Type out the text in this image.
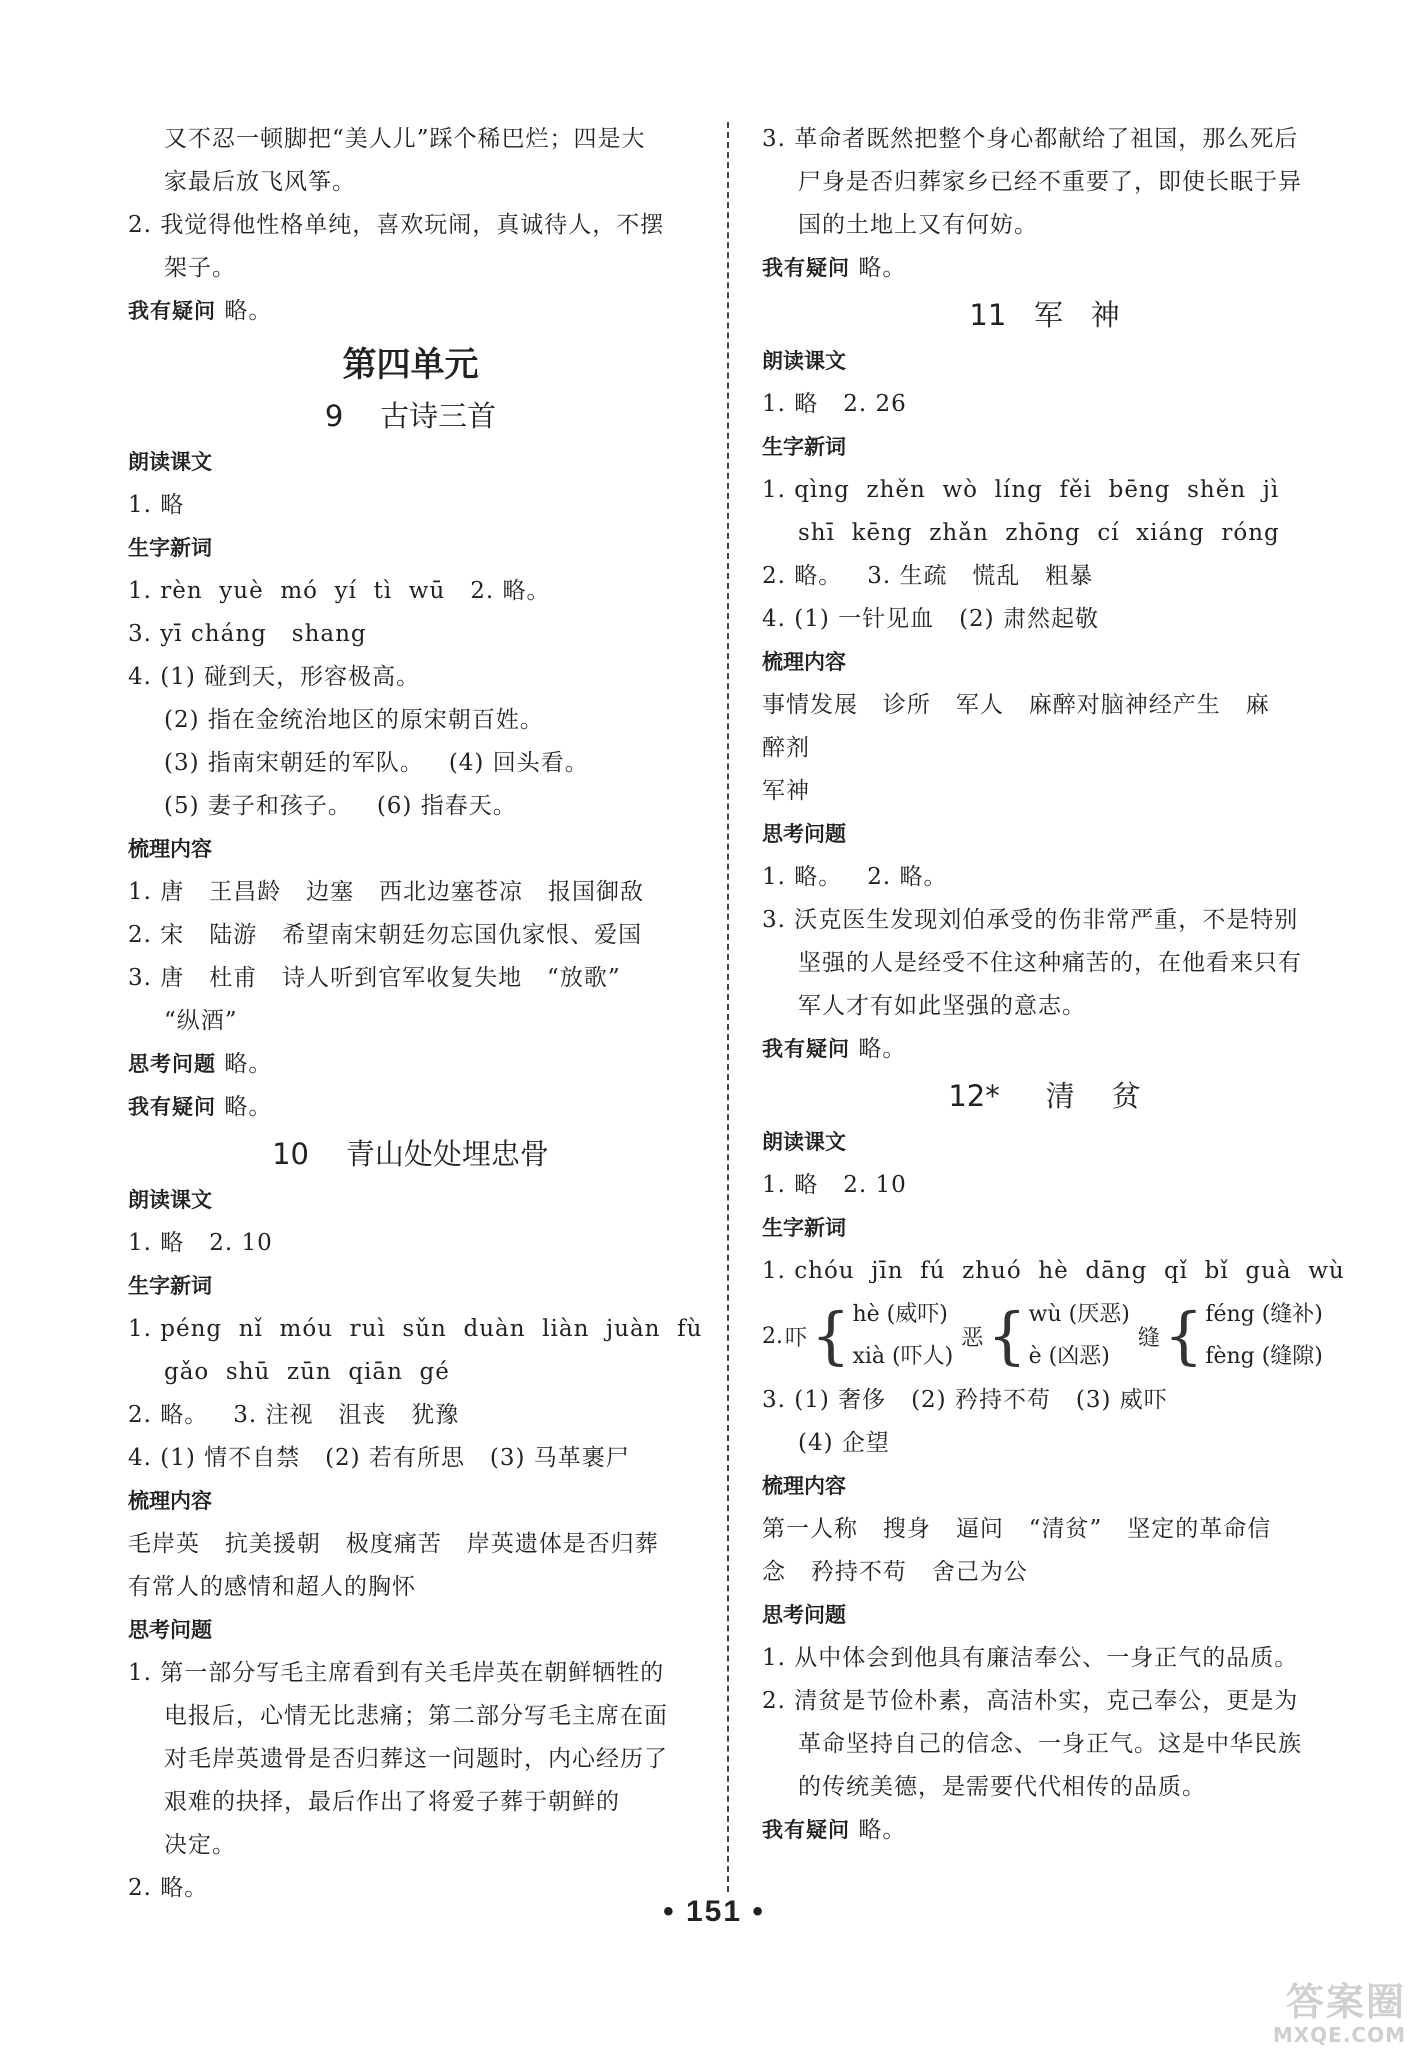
又不忍一顿脚把“美人儿”踩个稀巴烂；四是大
家最后放飞风筝。
2. 我觉得他性格单纯，喜欢玩闹，真诚待人，不摆
架子。
我有疑问 略。
第四单元
9    古诗三首
朗读课文
1. 略
生字新词
1. rèn  yuè  mó  yí  tì  wū   2. 略。
3. yī cháng   shang
4. (1) 碰到天，形容极高。
(2) 指在金统治地区的原宋朝百姓。
(3) 指南宋朝廷的军队。   (4) 回头看。
(5) 妻子和孩子。   (6) 指春天。
梳理内容
1. 唐   王昌龄   边塞   西北边塞苍凉   报国御敌
2. 宋   陆游   希望南宋朝廷勿忘国仇家恨、爱国
3. 唐   杜甫   诗人听到官军收复失地   “放歌”
“纵酒”
思考问题 略。
我有疑问 略。
10    青山处处埋忠骨
朗读课文
1. 略   2. 10
生字新词
1. péng  nǐ  móu  ruì  sǔn  duàn  liàn  juàn  fù
gǎo  shū  zūn  qiān  gé
2. 略。   3. 注视   沮丧   犹豫
4. (1) 情不自禁   (2) 若有所思   (3) 马革裹尸
梳理内容
毛岸英   抗美援朝   极度痛苦   岸英遗体是否归葬
有常人的感情和超人的胸怀
思考问题
1. 第一部分写毛主席看到有关毛岸英在朝鲜牺牲的
电报后，心情无比悲痛；第二部分写毛主席在面
对毛岸英遗骨是否归葬这一问题时，内心经历了
艰难的抉择，最后作出了将爱子葬于朝鲜的
决定。
2. 略。
3. 革命者既然把整个身心都献给了祖国，那么死后
尸身是否归葬家乡已经不重要了，即使长眠于异
国的土地上又有何妨。
我有疑问 略。
11   军   神
朗读课文
1. 略   2. 26
生字新词
1. qìng  zhěn  wò  líng  fěi  bēng  shěn  jì
shī  kēng  zhǎn  zhōng  cí  xiáng  róng
2. 略。   3. 生疏   慌乱   粗暴
4. (1) 一针见血   (2) 肃然起敬
梳理内容
事情发展   诊所   军人   麻醉对脑神经产生   麻
醉剂
军神
思考问题
1. 略。   2. 略。
3. 沃克医生发现刘伯承受的伤非常严重，不是特别
坚强的人是经受不住这种痛苦的，在他看来只有
军人才有如此坚强的意志。
我有疑问 略。
12*     清    贫
朗读课文
1. 略   2. 10
生字新词
1. chóu  jīn  fú  zhuó  hè  dāng  qǐ  bǐ  guà  wù
2. 吓 { hè (威吓)
xià (吓人)
恶 { wù (厌恶)
è (凶恶)
缝 { féng (缝补)
fèng (缝隙)
3. (1) 奢侈   (2) 矜持不苟   (3) 威吓
(4) 企望
梳理内容
第一人称   搜身   逼问   “清贫”   坚定的革命信
念   矜持不苟   舍己为公
思考问题
1. 从中体会到他具有廉洁奉公、一身正气的品质。
2. 清贫是节俭朴素，高洁朴实，克己奉公，更是为
革命坚持自己的信念、一身正气。这是中华民族
的传统美德，是需要代代相传的品质。
我有疑问 略。
• 151 •
答案圈
MXQE.COM
